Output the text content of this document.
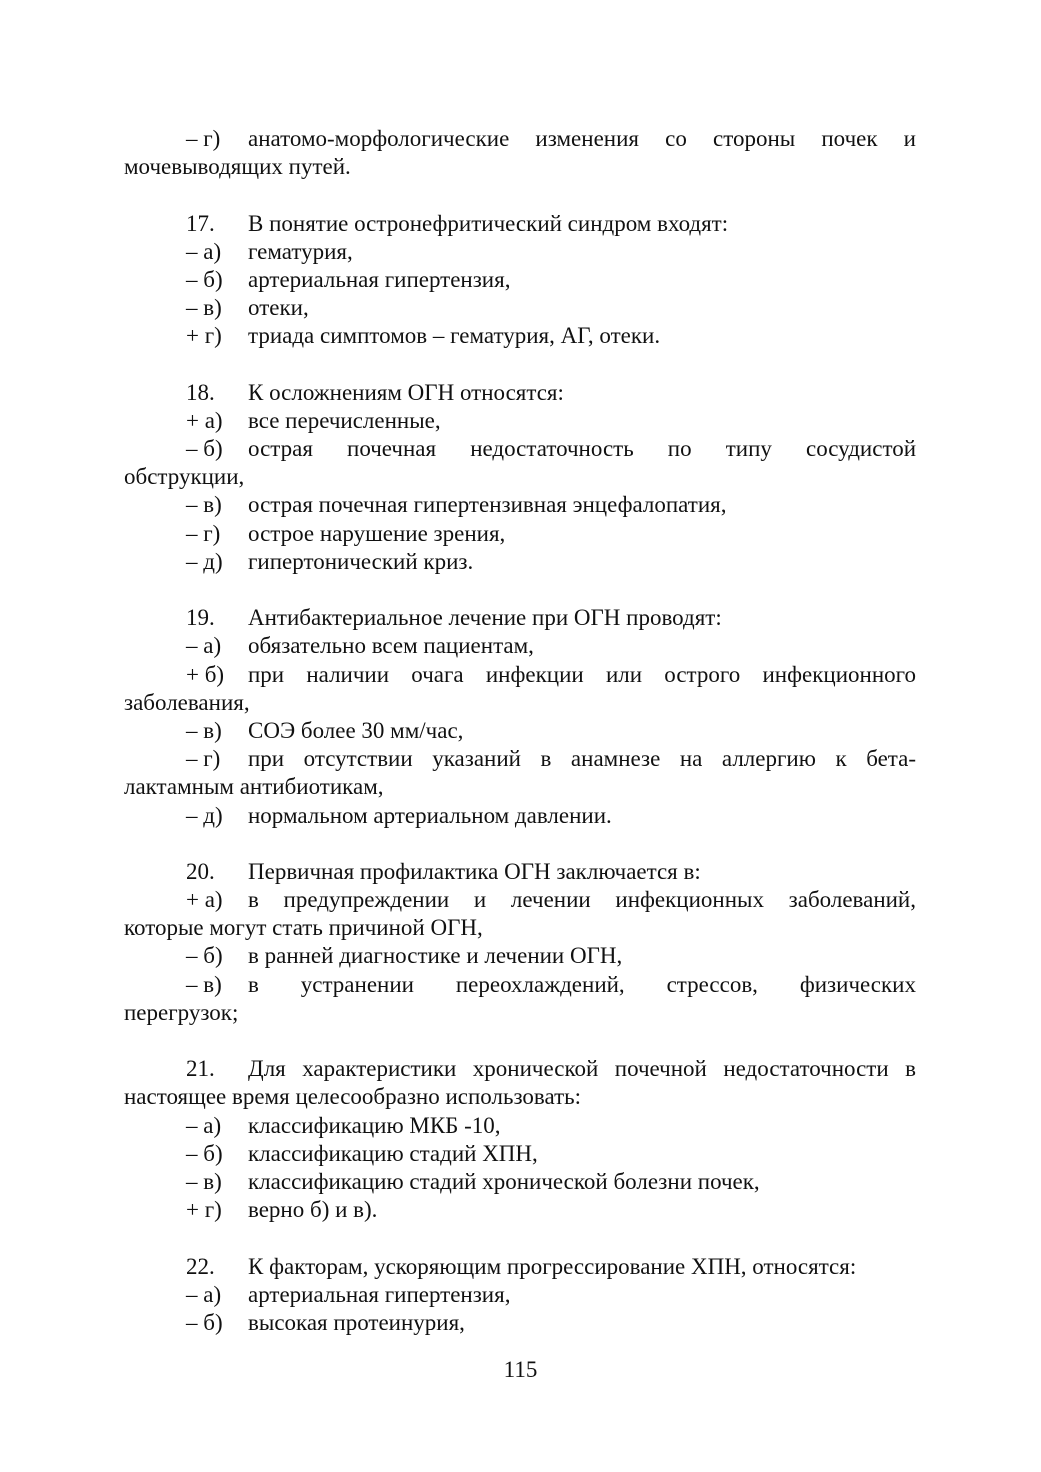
– г)	анатомо-морфологические изменения со стороны почек и
мочевыводящих путей.
17.	В понятие остронефритический синдром входят:
– а)	гематурия,
– б)	артериальная гипертензия,
– в)	отеки,
+ г)	триада симптомов – гематурия, АГ, отеки.
18.	К осложнениям ОГН относятся:
+ а)	все перечисленные,
– б)	острая почечная недостаточность по типу сосудистой
обструкции,
– в)	острая почечная гипертензивная энцефалопатия,
– г)	острое нарушение зрения,
– д)	гипертонический криз.
19.	Антибактериальное лечение при ОГН проводят:
– а)	обязательно всем пациентам,
+ б)	при наличии очага инфекции или острого инфекционного
заболевания,
– в)	СОЭ более 30 мм/час,
– г)	при отсутствии указаний в анамнезе на аллергию к бета-
лактамным антибиотикам,
– д)	нормальном артериальном давлении.
20.	Первичная профилактика ОГН заключается в:
+ а)	в предупреждении и лечении инфекционных заболеваний,
которые могут стать причиной ОГН,
– б)	в ранней диагностике и лечении ОГН,
– в)	в устранении переохлаждений, стрессов, физических
перегрузок;
21.	Для характеристики хронической почечной недостаточности в
настоящее время целесообразно использовать:
– а)	классификацию МКБ -10,
– б)	классификацию стадий ХПН,
– в)	классификацию стадий хронической болезни почек,
+ г)	верно б) и в).
22.	К факторам, ускоряющим прогрессирование ХПН, относятся:
– а)	артериальная гипертензия,
– б)	высокая протеинурия,
115
